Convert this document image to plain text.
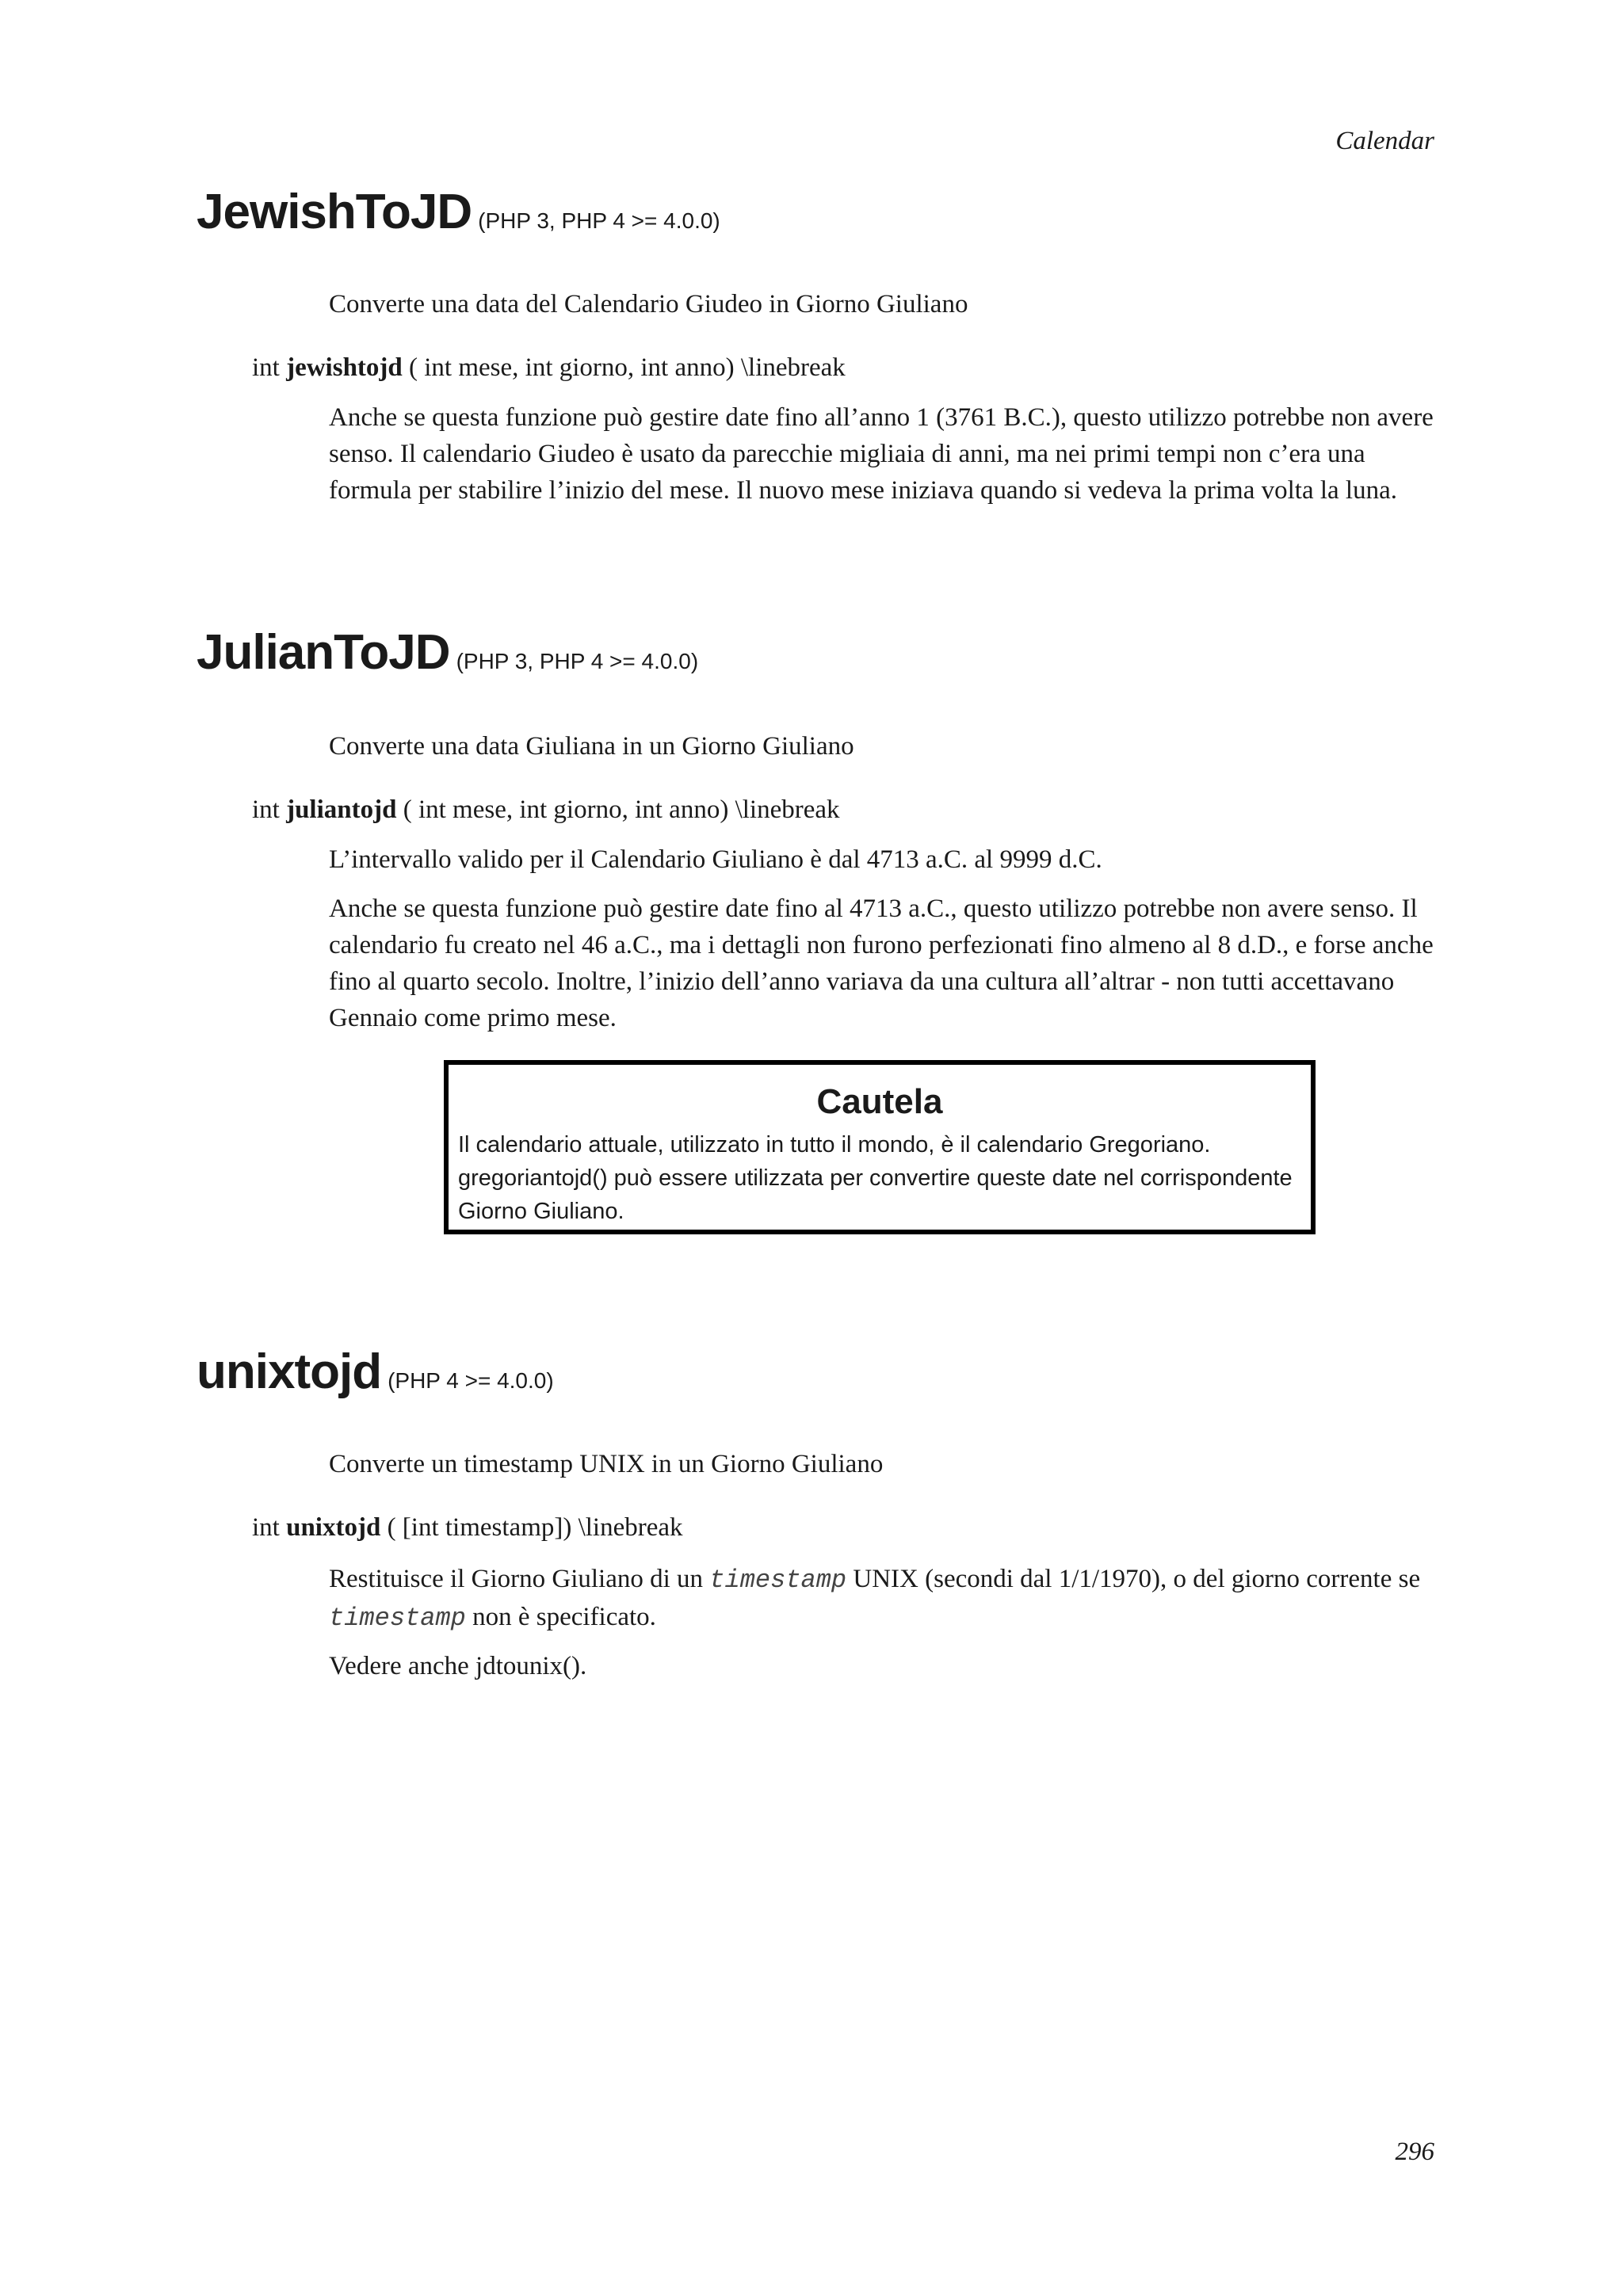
Calendar
JewishToJD (PHP 3, PHP 4 >= 4.0.0)
Converte una data del Calendario Giudeo in Giorno Giuliano
int jewishtojd ( int mese, int giorno, int anno) \linebreak

Anche se questa funzione può gestire date fino all’anno 1 (3761 B.C.), questo utilizzo potrebbe non avere senso. Il calendario Giudeo è usato da parecchie migliaia di anni, ma nei primi tempi non c’era una formula per stabilire l’inizio del mese. Il nuovo mese iniziava quando si vedeva la prima volta la luna.

JulianToJD (PHP 3, PHP 4 >= 4.0.0)
Converte una data Giuliana in un Giorno Giuliano
int juliantojd ( int mese, int giorno, int anno) \linebreak

L’intervallo valido per il Calendario Giuliano è dal 4713 a.C. al 9999 d.C.

Anche se questa funzione può gestire date fino al 4713 a.C., questo utilizzo potrebbe non avere senso. Il calendario fu creato nel 46 a.C., ma i dettagli non furono perfezionati fino almeno al 8 d.D., e forse anche fino al quarto secolo. Inoltre, l’inizio dell’anno variava da una cultura all’altrar - non tutti accettavano Gennaio come primo mese.

Cautela

Il calendario attuale, utilizzato in tutto il mondo, è il calendario Gregoriano. gregoriantojd() può essere utilizzata per convertire queste date nel corrispondente Giorno Giuliano.

unixtojd (PHP 4 >= 4.0.0)
Converte un timestamp UNIX in un Giorno Giuliano
int unixtojd ( [int timestamp]) \linebreak

Restituisce il Giorno Giuliano di un timestamp UNIX (secondi dal 1/1/1970), o del giorno corrente se timestamp non è specificato.

Vedere anche jdtounix().

296
